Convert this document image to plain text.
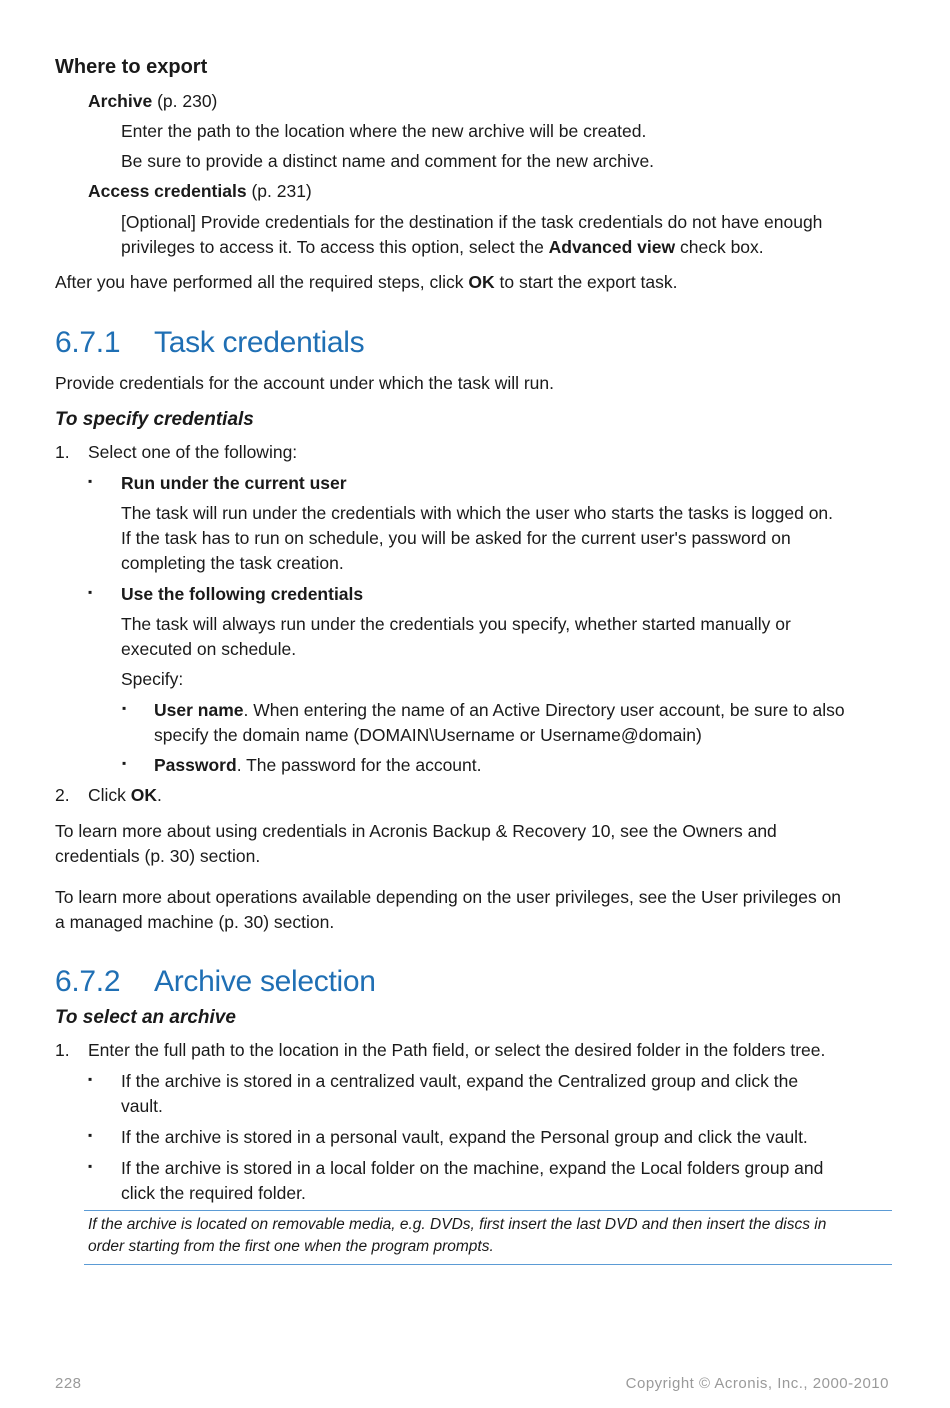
Where to export
Archive (p. 230)
Enter the path to the location where the new archive will be created.
Be sure to provide a distinct name and comment for the new archive.
Access credentials (p. 231)
[Optional] Provide credentials for the destination if the task credentials do not have enough
privileges to access it. To access this option, select the Advanced view check box.
After you have performed all the required steps, click OK to start the export task.
6.7.1 Task credentials
Provide credentials for the account under which the task will run.
To specify credentials
1. Select one of the following:
▪ Run under the current user
The task will run under the credentials with which the user who starts the tasks is logged on.
If the task has to run on schedule, you will be asked for the current user's password on
completing the task creation.
▪ Use the following credentials
The task will always run under the credentials you specify, whether started manually or
executed on schedule.
Specify:
▪ User name. When entering the name of an Active Directory user account, be sure to also
specify the domain name (DOMAIN\Username or Username@domain)
▪ Password. The password for the account.
2. Click OK.
To learn more about using credentials in Acronis Backup & Recovery 10, see the Owners and
credentials (p. 30) section.
To learn more about operations available depending on the user privileges, see the User privileges on
a managed machine (p. 30) section.
6.7.2 Archive selection
To select an archive
1. Enter the full path to the location in the Path field, or select the desired folder in the folders tree.
▪ If the archive is stored in a centralized vault, expand the Centralized group and click the
vault.
▪ If the archive is stored in a personal vault, expand the Personal group and click the vault.
▪ If the archive is stored in a local folder on the machine, expand the Local folders group and
click the required folder.

If the archive is located on removable media, e.g. DVDs, first insert the last DVD and then insert the discs in
order starting from the first one when the program prompts.

228	Copyright © Acronis, Inc., 2000-2010
